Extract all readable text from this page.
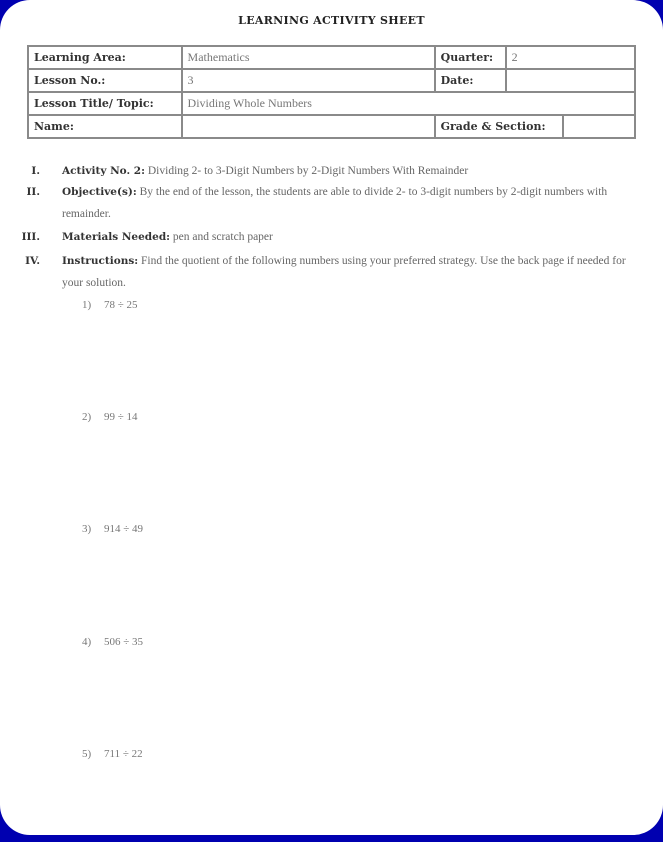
LEARNING ACTIVITY SHEET
Learning Area:	Mathematics	Quarter:	2	
Lesson No.:	3	Date:		
Lesson Title/ Topic:	Dividing Whole Numbers			
Name:		Grade & Section:		
I. Activity No. 2: Dividing 2- to 3-Digit Numbers by 2-Digit Numbers With Remainder
II. Objective(s): By the end of the lesson, the students are able to divide 2- to 3-digit numbers by 2-digit numbers with remainder.
III. Materials Needed: pen and scratch paper
IV. Instructions: Find the quotient of the following numbers using your preferred strategy. Use the back page if needed for your solution.
1) 78 ÷ 25
2) 99 ÷ 14
3) 914 ÷ 49
4) 506 ÷ 35
5) 711 ÷ 22
